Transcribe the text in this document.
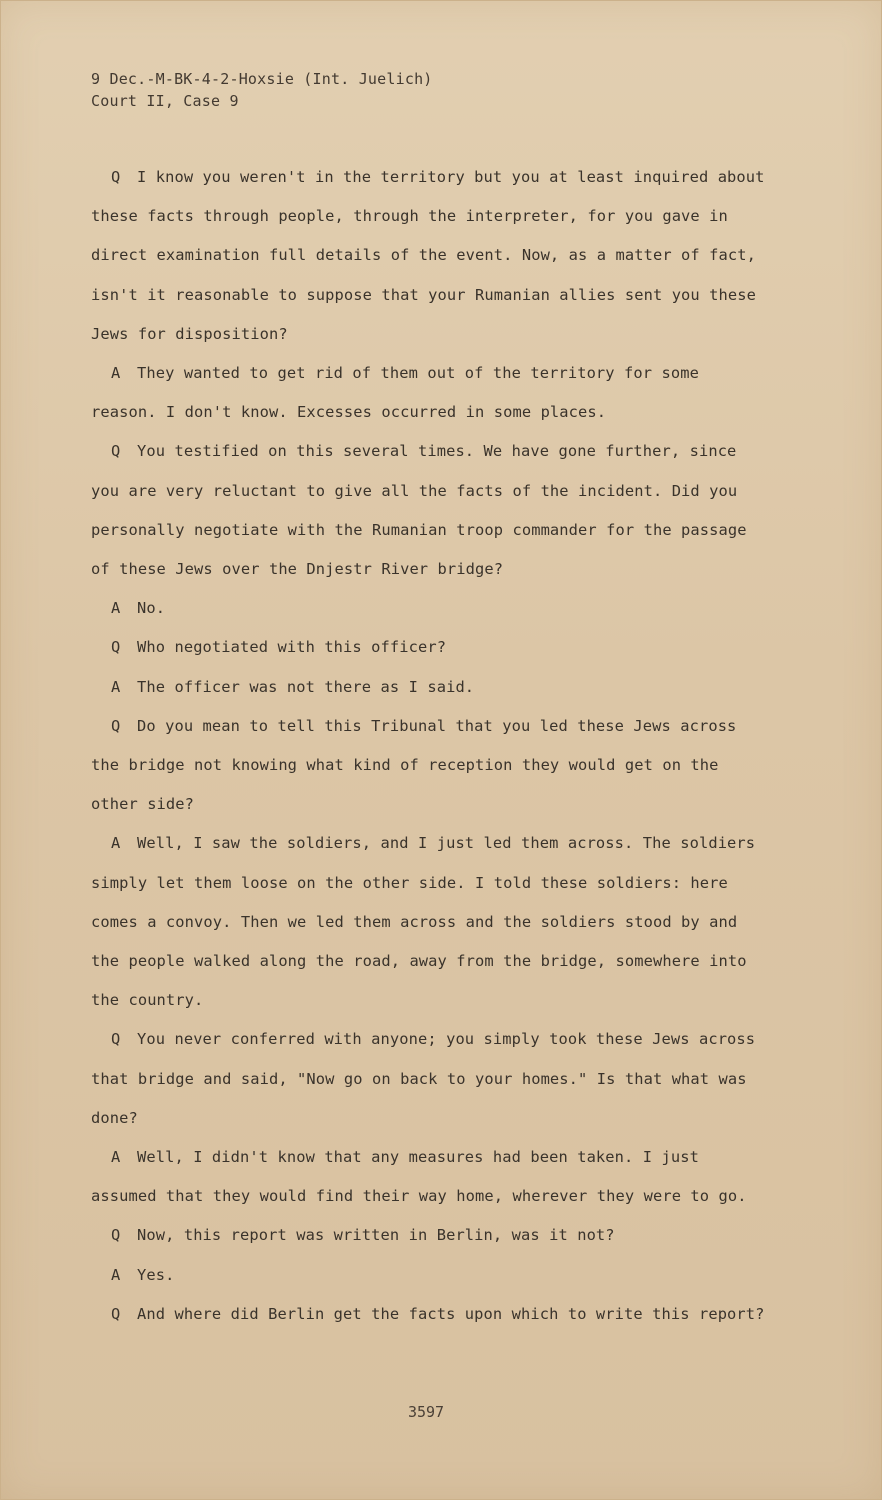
9 Dec.-M-BK-4-2-Hoxsie (Int. Juelich)
Court II, Case 9

Q I know you weren't in the territory but you at least inquired about these facts through people, through the interpreter, for you gave in direct examination full details of the event. Now, as a matter of fact, isn't it reasonable to suppose that your Rumanian allies sent you these Jews for disposition?

A They wanted to get rid of them out of the territory for some reason. I don't know. Excesses occurred in some places.

Q You testified on this several times. We have gone further, since you are very reluctant to give all the facts of the incident. Did you personally negotiate with the Rumanian troop commander for the passage of these Jews over the Dnjestr River bridge?

A No.

Q Who negotiated with this officer?

A The officer was not there as I said.

Q Do you mean to tell this Tribunal that you led these Jews across the bridge not knowing what kind of reception they would get on the other side?

A Well, I saw the soldiers, and I just led them across. The soldiers simply let them loose on the other side. I told these soldiers: here comes a convoy. Then we led them across and the soldiers stood by and the people walked along the road, away from the bridge, somewhere into the country.

Q You never conferred with anyone; you simply took these Jews across that bridge and said, "Now go on back to your homes." Is that what was done?

A Well, I didn't know that any measures had been taken. I just assumed that they would find their way home, wherever they were to go.

Q Now, this report was written in Berlin, was it not?

A Yes.

Q And where did Berlin get the facts upon which to write this report?

3597
